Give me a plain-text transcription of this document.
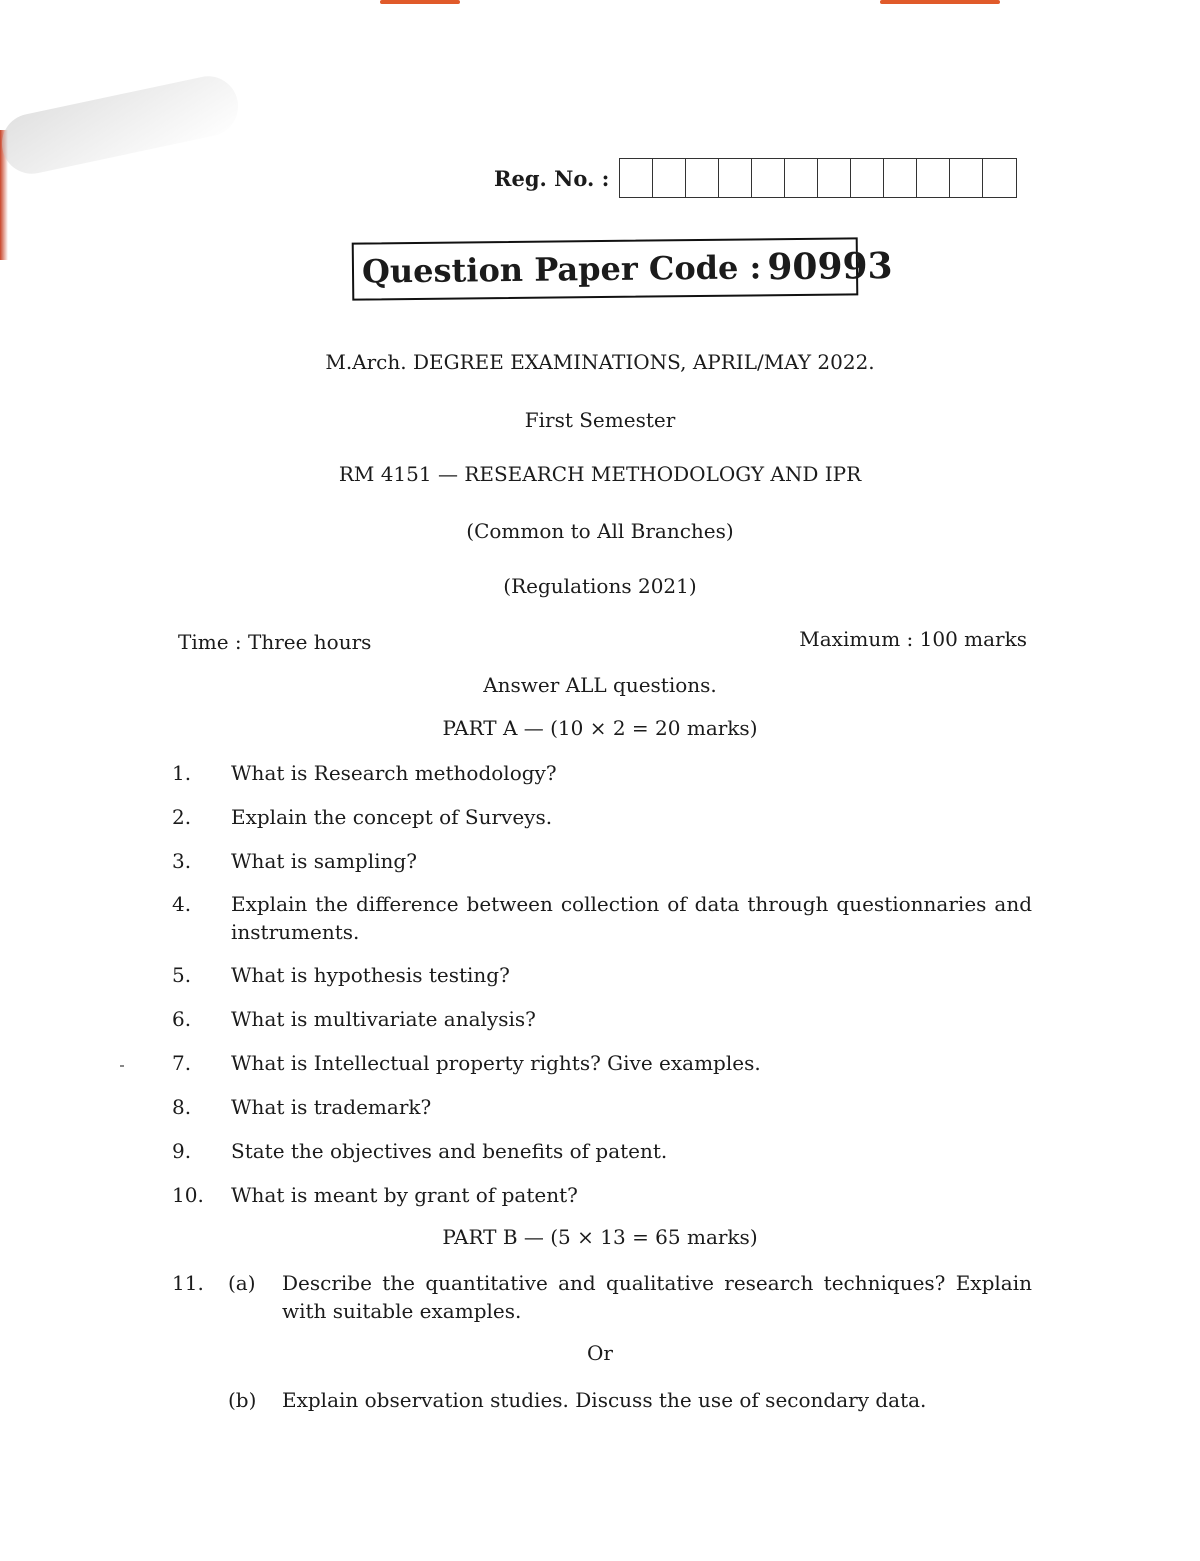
Reg. No. :
Question Paper Code : 90993
M.Arch. DEGREE EXAMINATIONS, APRIL/MAY 2022.
First Semester
RM 4151 — RESEARCH METHODOLOGY AND IPR
(Common to All Branches)
(Regulations 2021)
Time : Three hours	Maximum : 100 marks
Answer ALL questions.
PART A — (10 × 2 = 20 marks)
1.	What is Research methodology?
2.	Explain the concept of Surveys.
3.	What is sampling?
4.	Explain the difference between collection of data through questionnaries and instruments.
5.	What is hypothesis testing?
6.	What is multivariate analysis?
7.	What is Intellectual property rights? Give examples.
8.	What is trademark?
9.	State the objectives and benefits of patent.
10.	What is meant by grant of patent?
PART B — (5 × 13 = 65 marks)
11. (a) Describe the quantitative and qualitative research techniques? Explain with suitable examples.
Or
(b) Explain observation studies. Discuss the use of secondary data.
